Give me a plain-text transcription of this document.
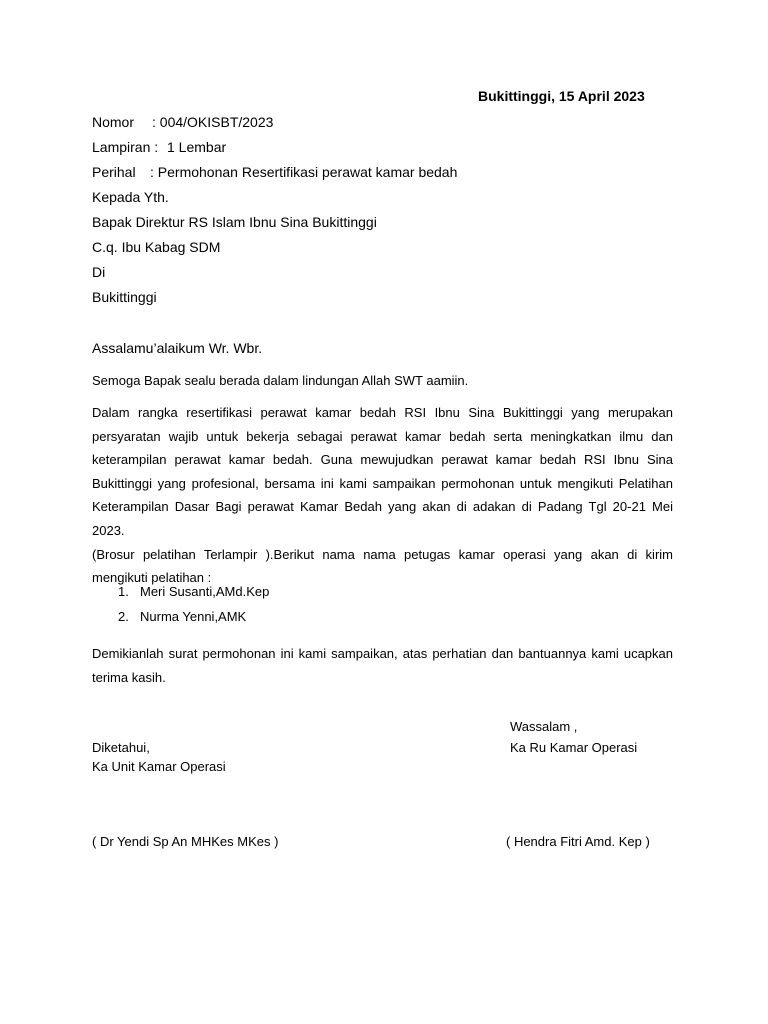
Bukittinggi, 15 April 2023
Nomor : 004/OKISBT/2023
Lampiran : 1 Lembar
Perihal : Permohonan Resertifikasi perawat kamar bedah
Kepada Yth.
Bapak Direktur RS Islam Ibnu Sina Bukittinggi
C.q. Ibu Kabag SDM
Di
Bukittinggi
Assalamu’alaikum Wr. Wbr.
Semoga Bapak sealu berada dalam lindungan Allah SWT aamiin.
Dalam rangka resertifikasi perawat kamar bedah RSI Ibnu Sina Bukittinggi yang merupakan
persyaratan wajib untuk bekerja sebagai perawat kamar bedah serta meningkatkan ilmu dan
keterampilan perawat kamar bedah. Guna mewujudkan perawat kamar bedah RSI Ibnu Sina
Bukittinggi yang profesional, bersama ini kami sampaikan permohonan untuk mengikuti Pelatihan
Keterampilan Dasar Bagi perawat Kamar Bedah yang akan di adakan di Padang Tgl 20-21 Mei 2023.
(Brosur pelatihan Terlampir ).Berikut nama nama petugas kamar operasi yang akan di kirim
mengikuti pelatihan :
1. Meri Susanti,AMd.Kep
2. Nurma Yenni,AMK
Demikianlah surat permohonan ini kami sampaikan, atas perhatian dan bantuannya kami ucapkan
terima kasih.
Wassalam ,
Ka Ru Kamar Operasi
Diketahui,
Ka Unit Kamar Operasi
( Dr Yendi Sp An MHKes MKes )	( Hendra Fitri Amd. Kep )
